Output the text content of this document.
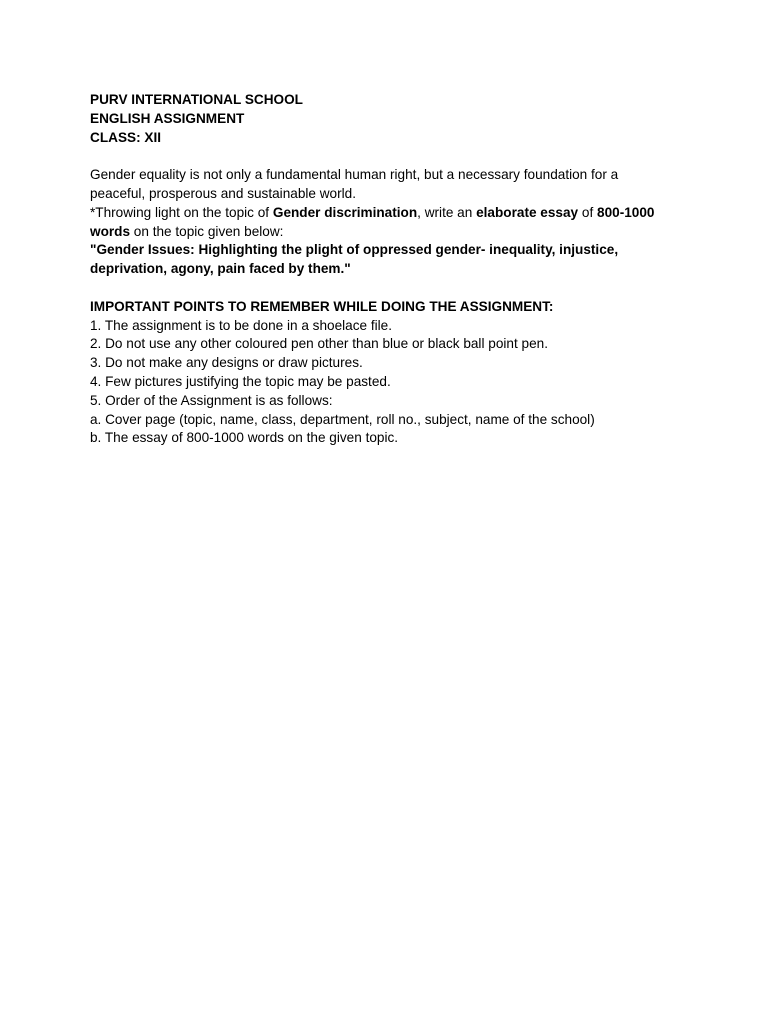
PURV INTERNATIONAL SCHOOL
ENGLISH ASSIGNMENT
CLASS: XII
Gender equality is not only a fundamental human right, but a necessary foundation for a
peaceful, prosperous and sustainable world.
*Throwing light on the topic of Gender discrimination, write an elaborate essay of 800-1000
words on the topic given below:
"Gender Issues: Highlighting the plight of oppressed gender- inequality, injustice,
deprivation, agony, pain faced by them."
IMPORTANT POINTS TO REMEMBER WHILE DOING THE ASSIGNMENT:
1. The assignment is to be done in a shoelace file.
2. Do not use any other coloured pen other than blue or black ball point pen.
3. Do not make any designs or draw pictures.
4. Few pictures justifying the topic may be pasted.
5. Order of the Assignment is as follows:
a. Cover page (topic, name, class, department, roll no., subject, name of the school)
b. The essay of 800-1000 words on the given topic.
